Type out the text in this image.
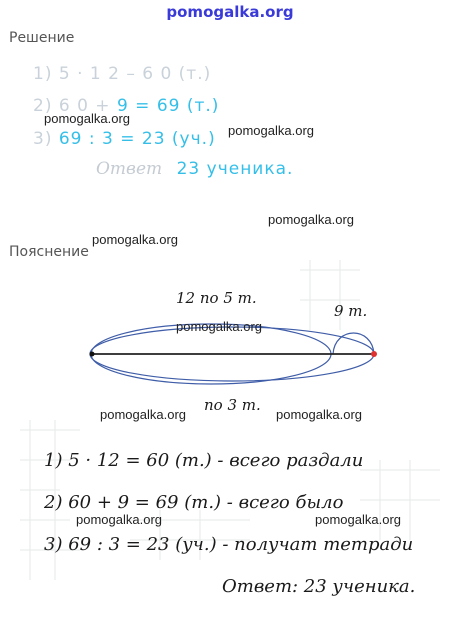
pomogalka.org
Решение
1) 5 · 1 2 – 6 0 (т.)
2) 6 0 + 9 = 69 (т.)
pomogalka.org
pomogalka.org
3) 69 : 3 = 23 (уч.)
Ответ 23 ученика.
pomogalka.org
pomogalka.org
Пояснение
12 по 5 т.
9 т.
pomogalka.org
по 3 т.
pomogalka.org	pomogalka.org
1) 5 · 12 = 60 (т.) - всего раздали
2) 60 + 9 = 69 (т.) - всего было
pomogalka.org	pomogalka.org
3) 69 : 3 = 23 (уч.) - получат тетради
Ответ: 23 ученика.
